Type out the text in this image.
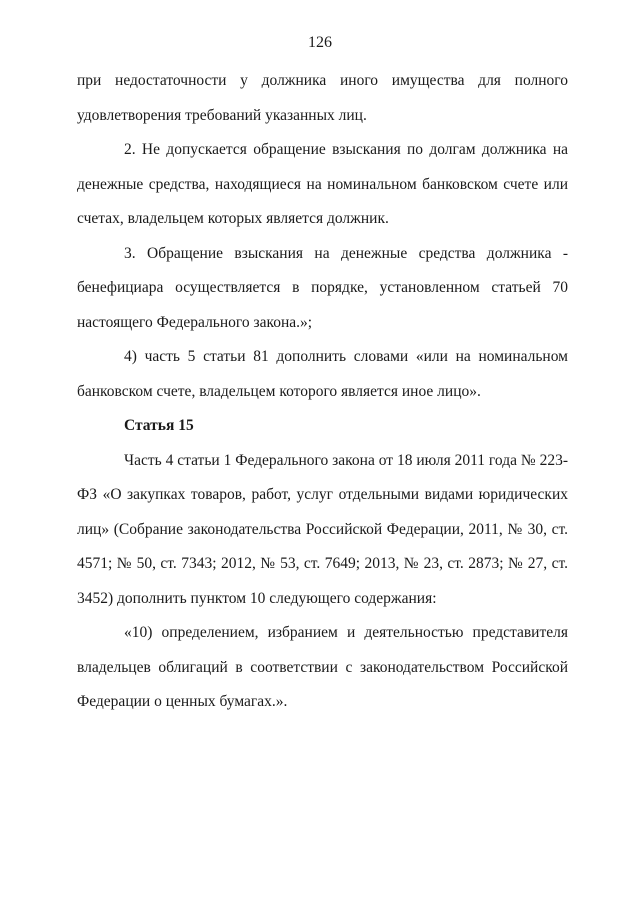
126

при недостаточности у должника иного имущества для полного удовлетворения требований указанных лиц.

2. Не допускается обращение взыскания по долгам должника на денежные средства, находящиеся на номинальном банковском счете или счетах, владельцем которых является должник.

3. Обращение взыскания на денежные средства должника - бенефициара осуществляется в порядке, установленном статьей 70 настоящего Федерального закона.»;

4) часть 5 статьи 81 дополнить словами «или на номинальном банковском счете, владельцем которого является иное лицо».

Статья 15

Часть 4 статьи 1 Федерального закона от 18 июля 2011 года № 223-ФЗ «О закупках товаров, работ, услуг отдельными видами юридических лиц» (Собрание законодательства Российской Федерации, 2011, № 30, ст. 4571; № 50, ст. 7343; 2012, № 53, ст. 7649; 2013, № 23, ст. 2873; № 27, ст. 3452) дополнить пунктом 10 следующего содержания:

«10) определением, избранием и деятельностью представителя владельцев облигаций в соответствии с законодательством Российской Федерации о ценных бумагах.».
